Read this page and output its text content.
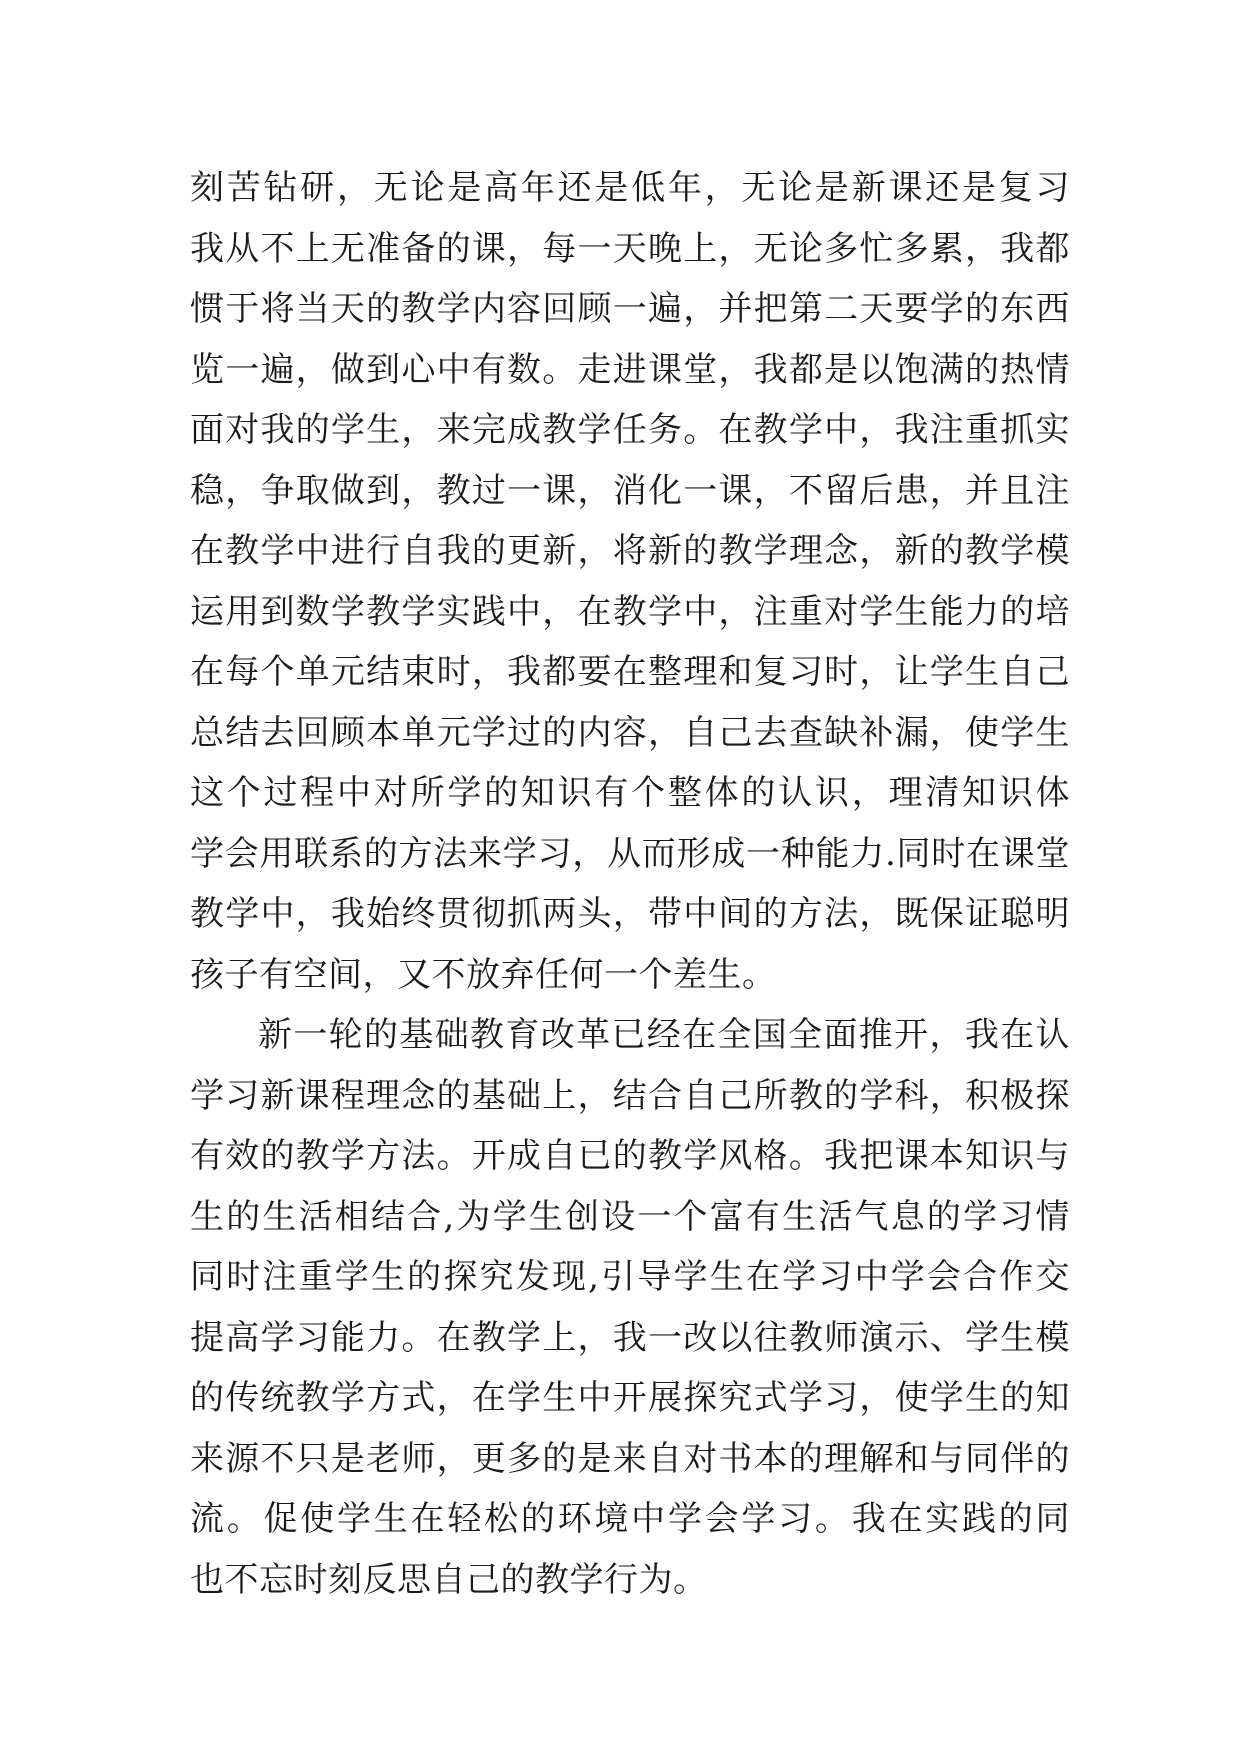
刻苦钻研，无论是高年还是低年，无论是新课还是复习
我从不上无准备的课，每一天晚上，无论多忙多累，我都
惯于将当天的教学内容回顾一遍，并把第二天要学的东西
览一遍，做到心中有数。走进课堂，我都是以饱满的热情
面对我的学生，来完成教学任务。在教学中，我注重抓实
稳，争取做到，教过一课，消化一课，不留后患，并且注
在教学中进行自我的更新，将新的教学理念，新的教学模
运用到数学教学实践中，在教学中，注重对学生能力的培
在每个单元结束时，我都要在整理和复习时，让学生自己
总结去回顾本单元学过的内容，自己去查缺补漏，使学生
这个过程中对所学的知识有个整体的认识，理清知识体
学会用联系的方法来学习，从而形成一种能力.同时在课堂
教学中，我始终贯彻抓两头，带中间的方法，既保证聪明
孩子有空间，又不放弃任何一个差生。
新一轮的基础教育改革已经在全国全面推开，我在认
学习新课程理念的基础上，结合自己所教的学科，积极探
有效的教学方法。开成自已的教学风格。我把课本知识与
生的生活相结合,为学生创设一个富有生活气息的学习情
同时注重学生的探究发现,引导学生在学习中学会合作交
提高学习能力。在教学上，我一改以往教师演示、学生模
的传统教学方式，在学生中开展探究式学习，使学生的知
来源不只是老师，更多的是来自对书本的理解和与同伴的
流。促使学生在轻松的环境中学会学习。我在实践的同
也不忘时刻反思自己的教学行为。
